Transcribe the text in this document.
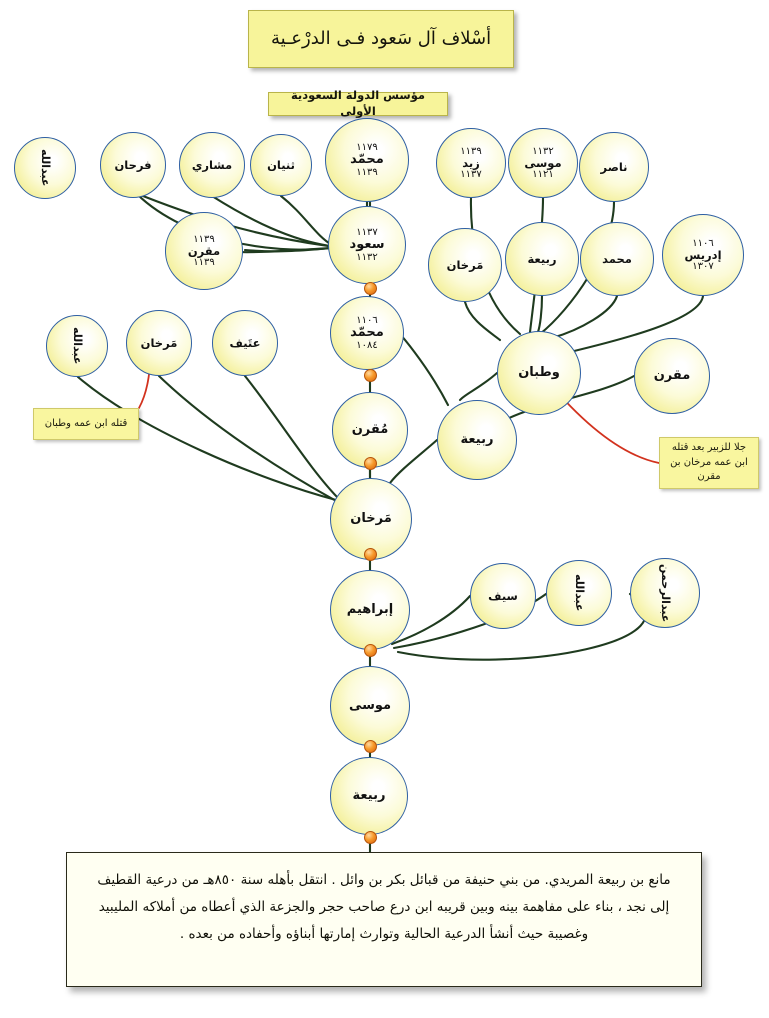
أسْلاف آل سَعود فـى الدرْعـية
مؤسس الدولة السعودية الأولى
قتله ابن عمه وطبان
جلا للزبير بعد قتله ابن عمه مرخان بن مقرن
عبدالله	فرحان	مشاري	ثنيان
١١٧٩
محمّد
١١٣٩
١١٣٩
زيد
١١٣٧
١١٣٢
موسى
١١٢١
ناصر
١١٣٩
مقرن
١١٣٩
١١٣٧
سعود
١١٣٢
مَرخان	ربيعة	محمد
١١٠٦
إدريس
١٣٠٧
١١٠٦
محمّد
١٠٨٤
عبدالله	مَرخان	عتَيف
وطبان	مقرن
مُقرن
ربيعة
مَرخان
إبراهيم
سيف	عبدالله	عبدالرحمن
موسى
ربيعة
مانع بن ربيعة المريدي. من بني حنيفة من قبائل بكر بن وائل . انتقل بأهله سنة ٨٥٠هـ من درعية القطيف إلى نجد ، بناء على مفاهمة بينه وبين قريبه ابن درع صاحب حجر والجزعة الذي أعطاه من أملاكه المليبيد وغصيبة حيث أنشأ الدرعية الحالية وتوارث إمارتها أبناؤه وأحفاده من بعده .
